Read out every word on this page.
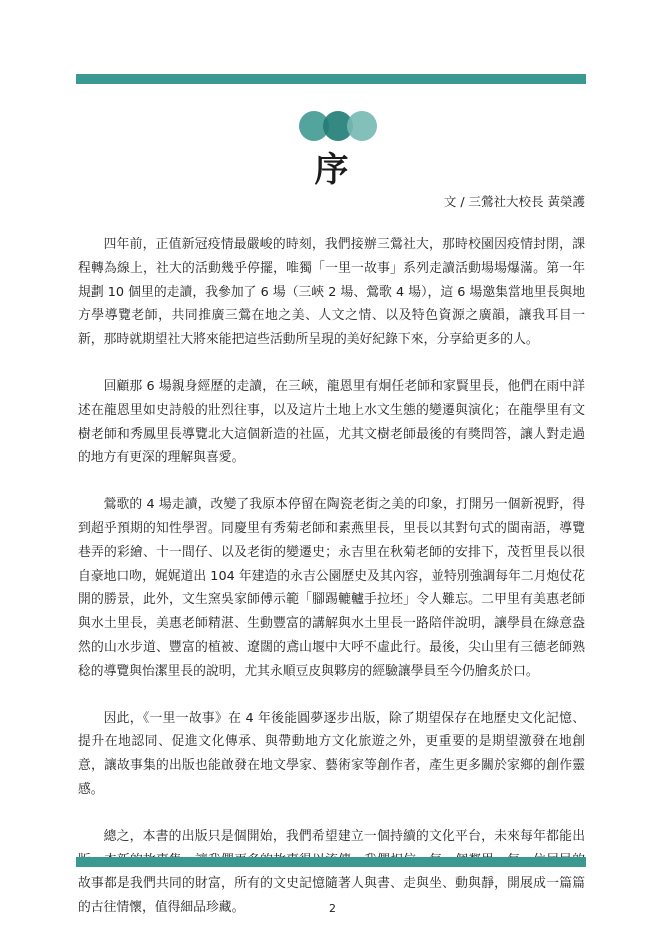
序
文 / 三鶯社大校長 黃榮護

四年前，正值新冠疫情最嚴峻的時刻，我們接辦三鶯社大，那時校園因疫情封閉，課程轉為線上，社大的活動幾乎停擺，唯獨「一里一故事」系列走讀活動場場爆滿。第一年規劃 10 個里的走讀，我參加了 6 場（三峽 2 場、鶯歌 4 場），這 6 場邀集當地里長與地方學導覽老師，共同推廣三鶯在地之美、人文之情、以及特色資源之廣韻，讓我耳目一新，那時就期望社大將來能把這些活動所呈現的美好紀錄下來，分享給更多的人。

回顧那 6 場親身經歷的走讀，在三峽，龍恩里有炯任老師和家賢里長，他們在雨中詳述在龍恩里如史詩般的壯烈往事，以及這片土地上水文生態的變遷與演化；在龍學里有文樹老師和秀鳳里長導覽北大這個新造的社區，尤其文樹老師最後的有獎問答，讓人對走過的地方有更深的理解與喜愛。

鶯歌的 4 場走讀，改變了我原本停留在陶瓷老街之美的印象，打開另一個新視野，得到超乎預期的知性學習。同慶里有秀菊老師和素燕里長，里長以其對句式的閩南語，導覽巷弄的彩繪、十一間仔、以及老街的變遷史；永吉里在秋菊老師的安排下，茂哲里長以很自豪地口吻，娓娓道出 104 年建造的永吉公園歷史及其內容，並特別強調每年二月炮仗花開的勝景，此外，文生窯吳家師傅示範「腳踢轆轤手拉坯」令人難忘。二甲里有美惠老師與水土里長，美惠老師精湛、生動豐富的講解與水土里長一路陪伴說明，讓學員在綠意盎然的山水步道、豐富的植被、遼闊的鳶山堰中大呼不虛此行。最後，尖山里有三德老師熟稔的導覽與怡潔里長的說明，尤其永順豆皮與夥房的經驗讓學員至今仍膾炙於口。

因此，《一里一故事》在 4 年後能圓夢逐步出版，除了期望保存在地歷史文化記憶、提升在地認同、促進文化傳承、與帶動地方文化旅遊之外，更重要的是期望激發在地創意，讓故事集的出版也能啟發在地文學家、藝術家等創作者，產生更多關於家鄉的創作靈感。

總之，本書的出版只是個開始，我們希望建立一個持續的文化平台，未來每年都能出 故事都是我們共同的財富，所有的文史記憶隨著人與書、走與坐、動與靜，開展成一篇篇的古往情懷，值得細品珍藏。	2
